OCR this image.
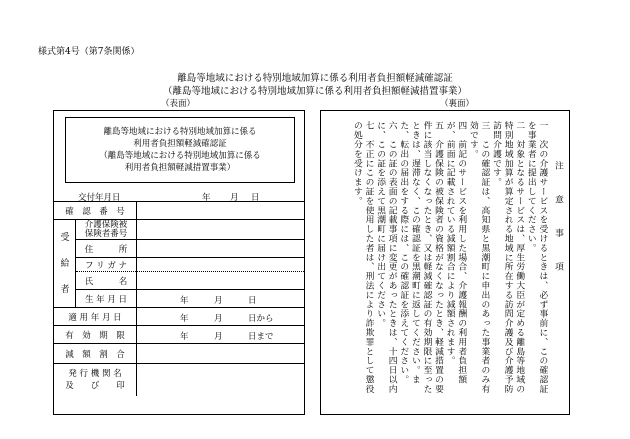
様式第4号（第7条関係）
離島等地域における特別地域加算に係る利用者負担額軽減確認証
（離島等地域における特別地域加算に係る利用者負担額軽減措置事業）
（表面）	（裏面）
離島等地域における特別地域加算に係る
利用者負担額軽減確認証
（離島等地域における特別地域加算に係る
利用者負担額軽減措置事業）
交付年月日	年 月 日
確　認　番　号
受
給
者
介護保険被
保険者番号
住　　　所
フ リ ガ ナ
氏　　　名
生 年 月 日	年　　　月　　　日
適 用 年 月 日	年　　　月　　　日から
有　効　期　限	年　　　月　　　日まで
減　額　割　合
発 行 機 関 名
及　　び　　印

注　意　事　項

一　次の介護サービスを受けるときは、必ず事前に、この確認証を事業者に提出してください。

二　対象となるサービスは、厚生労働大臣が定める離島等地域の特別地域加算が算定される地域に所在する訪問介護及び介護予防訪問介護です。

三　この確認証は、高知県と黒潮町に申出のあった事業者のみ有効です。

四　前記のサービスを利用した場合、介護報酬の利用者負担額が、前面に記載されている減額割合により減額されます。

五　介護保険の被保険者の資格がなくなったとき、軽減措置の要件に該当しなくなったとき、又は軽減確認証の有効期限に至ったときは、遅滞なく、この確認証を黒潮町に返してください。また、転出の届出をする際には、この確認証を添えてください。

六　この証の表面の記載事項に変更があったときは、十四日以内に、この証を添えて黒潮町に届け出てください。

七　不正にこの証を使用した者は、刑法により詐欺罪として懲役の処分を受けます。
